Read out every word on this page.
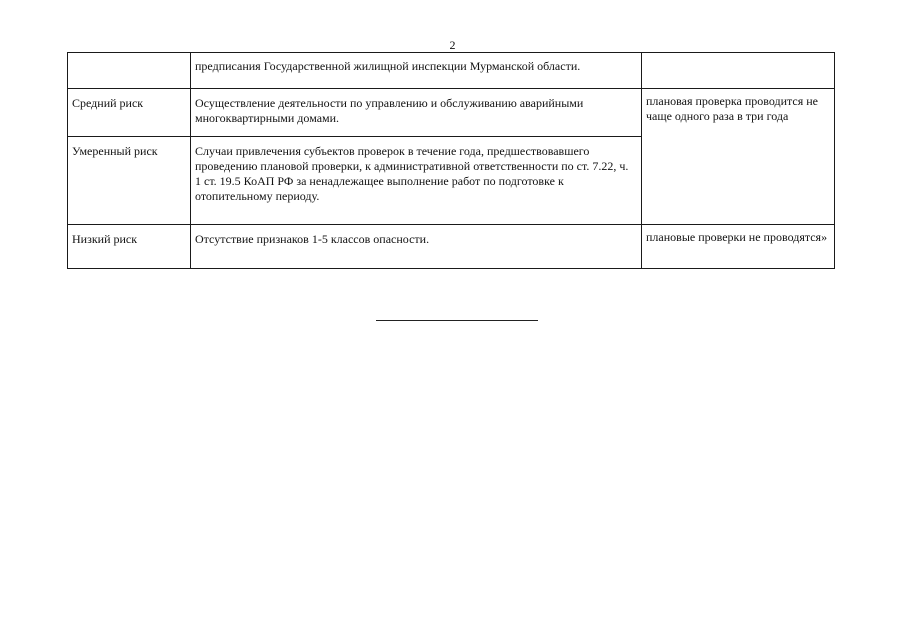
2
	предписания Государственной жилищной инспекции Мурманской области.	
Средний риск	Осуществление деятельности по управлению и обслуживанию аварийными многоквартирными домами.	плановая проверка проводится не чаще одного раза в три года
Умеренный риск	Случаи привлечения субъектов проверок в течение года, предшествовавшего проведению плановой проверки, к административной ответственности по ст. 7.22, ч. 1 ст. 19.5 КоАП РФ за ненадлежащее выполнение работ по подготовке к отопительному периоду.	
Низкий риск	Отсутствие признаков 1-5 классов опасности.	плановые проверки не проводятся»
